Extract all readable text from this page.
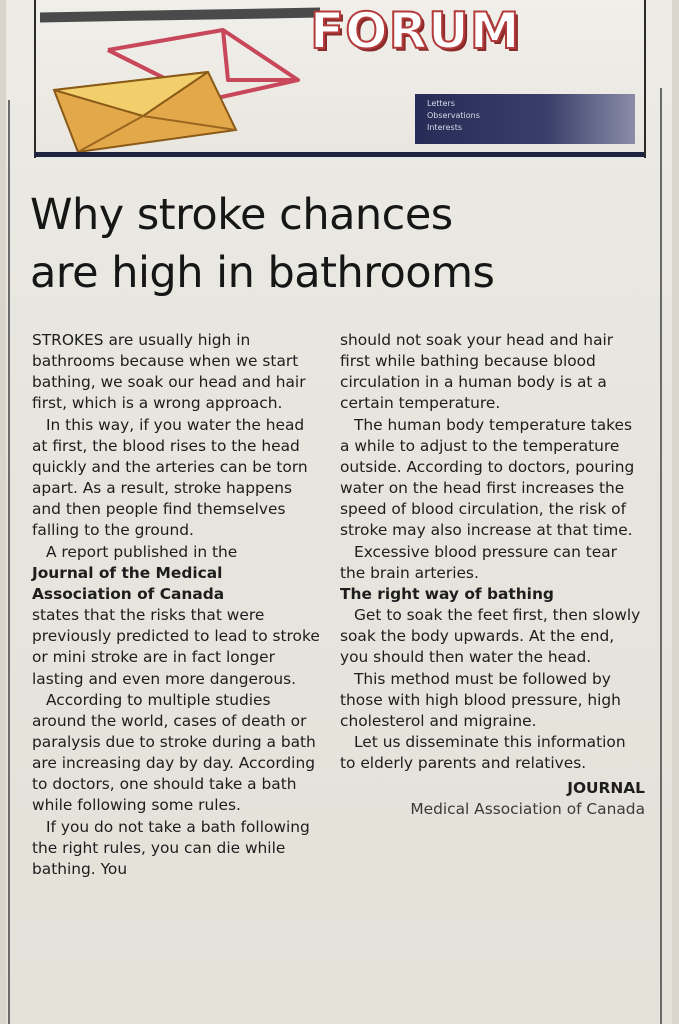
FORUM
Letters
Observations
Interests
Why stroke chances
are high in bathrooms

STROKES are usually high in bathrooms because when we start bathing, we soak our head and hair first, which is a wrong approach.

In this way, if you water the head at first, the blood rises to the head quickly and the arteries can be torn apart. As a result, stroke happens and then people find themselves falling to the ground.

A report published in the
Journal of the Medical Association of Canada
states that the risks that were previously predicted to lead to stroke or mini stroke are in fact longer lasting and even more dangerous.

According to multiple studies around the world, cases of death or paralysis due to stroke during a bath are increasing day by day. According to doctors, one should take a bath while following some rules.

If you do not take a bath following the right rules, you can die while bathing. You

should not soak your head and hair first while bathing because blood circulation in a human body is at a certain temperature.

The human body temperature takes a while to adjust to the temperature outside. According to doctors, pouring water on the head first increases the speed of blood circulation, the risk of stroke may also increase at that time.

Excessive blood pressure can tear the brain arteries.

The right way of bathing

Get to soak the feet first, then slowly soak the body upwards. At the end, you should then water the head.

This method must be followed by those with high blood pressure, high cholesterol and migraine.

Let us disseminate this information to elderly parents and relatives.

JOURNAL
Medical Association of Canada
